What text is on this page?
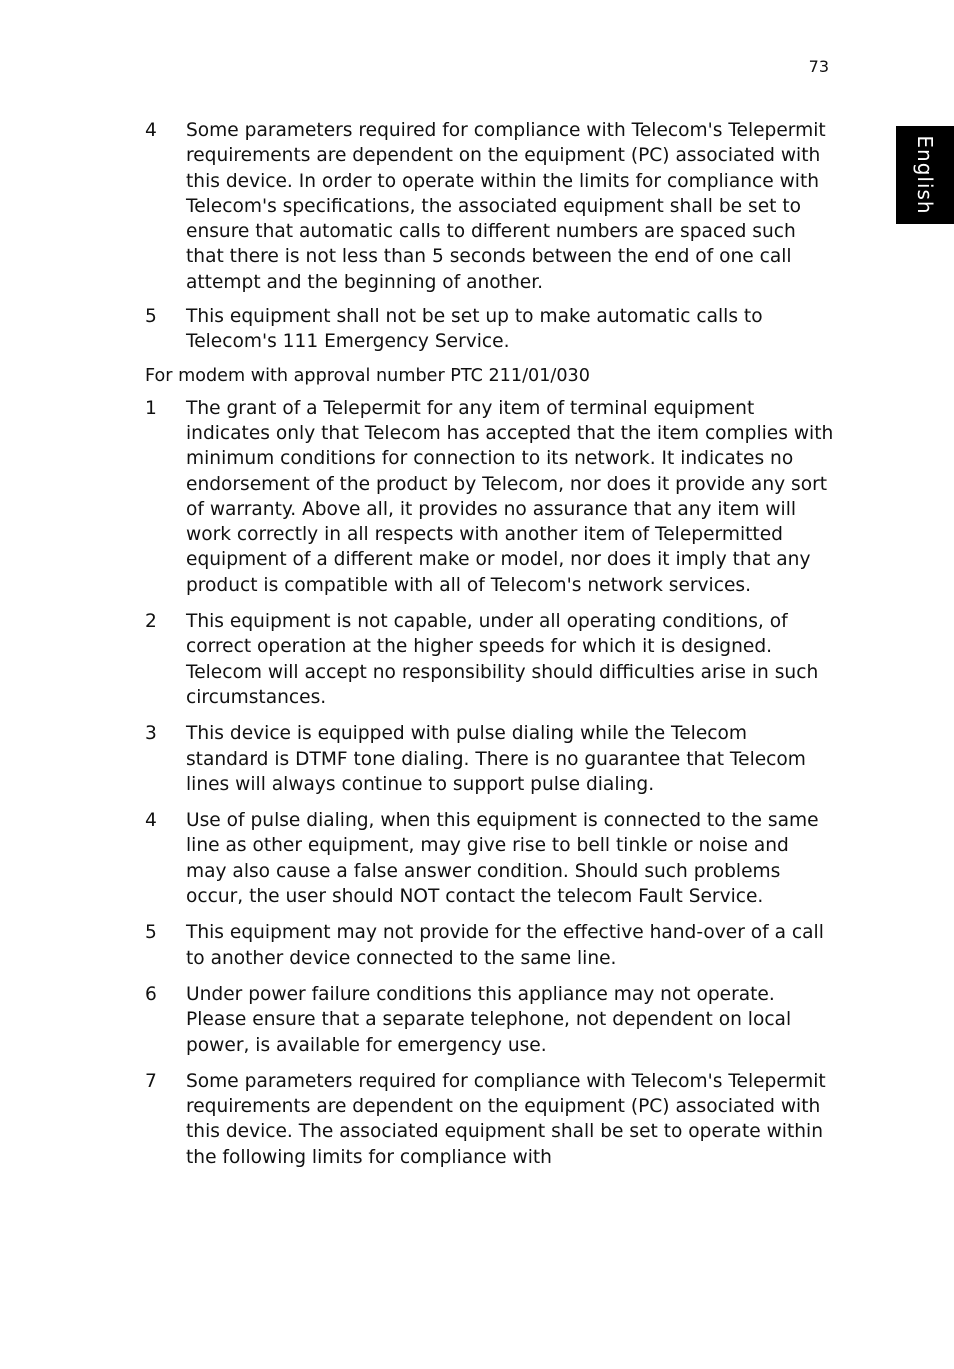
73
English
4	Some parameters required for compliance with Telecom's Telepermit requirements are dependent on the equipment (PC) associated with this device. In order to operate within the limits for compliance with Telecom's specifications, the associated equipment shall be set to ensure that automatic calls to different numbers are spaced such that there is not less than 5 seconds between the end of one call attempt and the beginning of another.
5	This equipment shall not be set up to make automatic calls to Telecom's 111 Emergency Service.
For modem with approval number PTC 211/01/030
1	The grant of a Telepermit for any item of terminal equipment indicates only that Telecom has accepted that the item complies with minimum conditions for connection to its network. It indicates no endorsement of the product by Telecom, nor does it provide any sort of warranty. Above all, it provides no assurance that any item will work correctly in all respects with another item of Telepermitted equipment of a different make or model, nor does it imply that any product is compatible with all of Telecom's network services.
2	This equipment is not capable, under all operating conditions, of correct operation at the higher speeds for which it is designed. Telecom will accept no responsibility should difficulties arise in such circumstances.
3	This device is equipped with pulse dialing while the Telecom standard is DTMF tone dialing. There is no guarantee that Telecom lines will always continue to support pulse dialing.
4	Use of pulse dialing, when this equipment is connected to the same line as other equipment, may give rise to bell tinkle or noise and may also cause a false answer condition. Should such problems occur, the user should NOT contact the telecom Fault Service.
5	This equipment may not provide for the effective hand-over of a call to another device connected to the same line.
6	Under power failure conditions this appliance may not operate. Please ensure that a separate telephone, not dependent on local power, is available for emergency use.
7	Some parameters required for compliance with Telecom's Telepermit requirements are dependent on the equipment (PC) associated with this device. The associated equipment shall be set to operate within the following limits for compliance with
